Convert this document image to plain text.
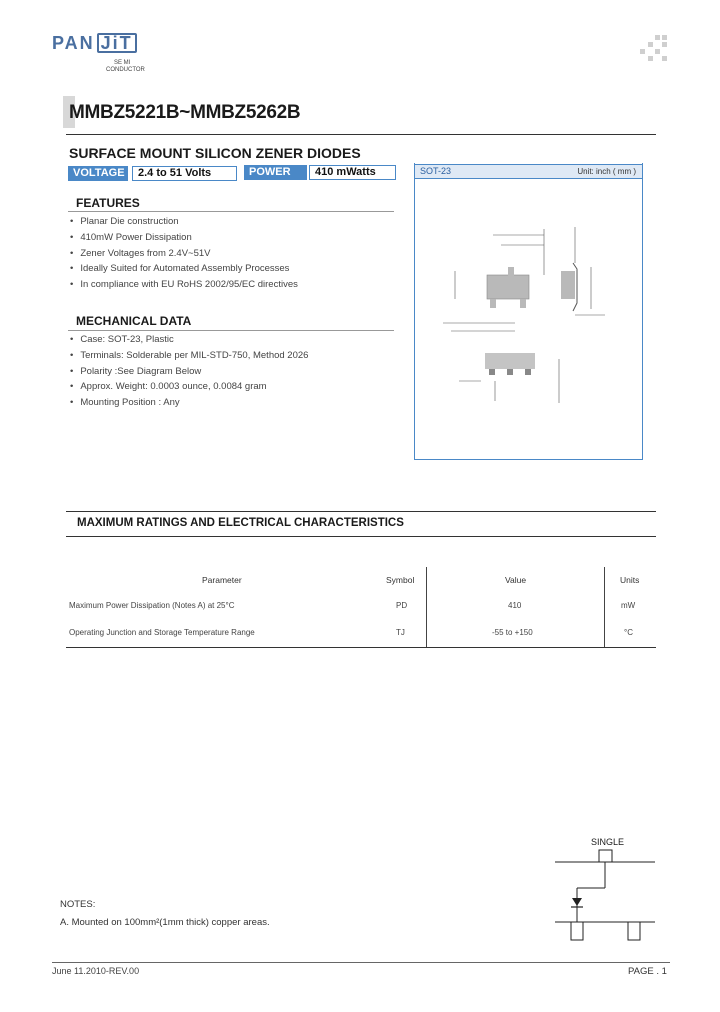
PAN JiT
SE MI
CONDUCTOR
MMBZ5221B~MMBZ5262B
SURFACE MOUNT SILICON ZENER DIODES
VOLTAGE	2.4 to 51 Volts	POWER	410 mWatts	SOT-23	Unit: inch ( mm )
FEATURES
• Planar Die construction
• 410mW Power Dissipation
• Zener Voltages from 2.4V~51V
• Ideally Suited for Automated Assembly Processes
• In compliance with EU RoHS 2002/95/EC directives
MECHANICAL DATA
• Case: SOT-23, Plastic
• Terminals: Solderable per MIL-STD-750, Method 2026
• Polarity :See Diagram Below
• Approx. Weight: 0.0003 ounce, 0.0084 gram
• Mounting Position : Any
MAXIMUM RATINGS AND ELECTRICAL CHARACTERISTICS
Parameter	Symbol	Value	Units
Maximum Power Dissipation (Notes A) at 25°C	PD	410	mW
Operating Junction and Storage Temperature Range	TJ	-55 to +150	°C
SINGLE
NOTES:
A. Mounted on 100mm²(1mm thick) copper areas.
June 11.2010-REV.00	PAGE . 1
